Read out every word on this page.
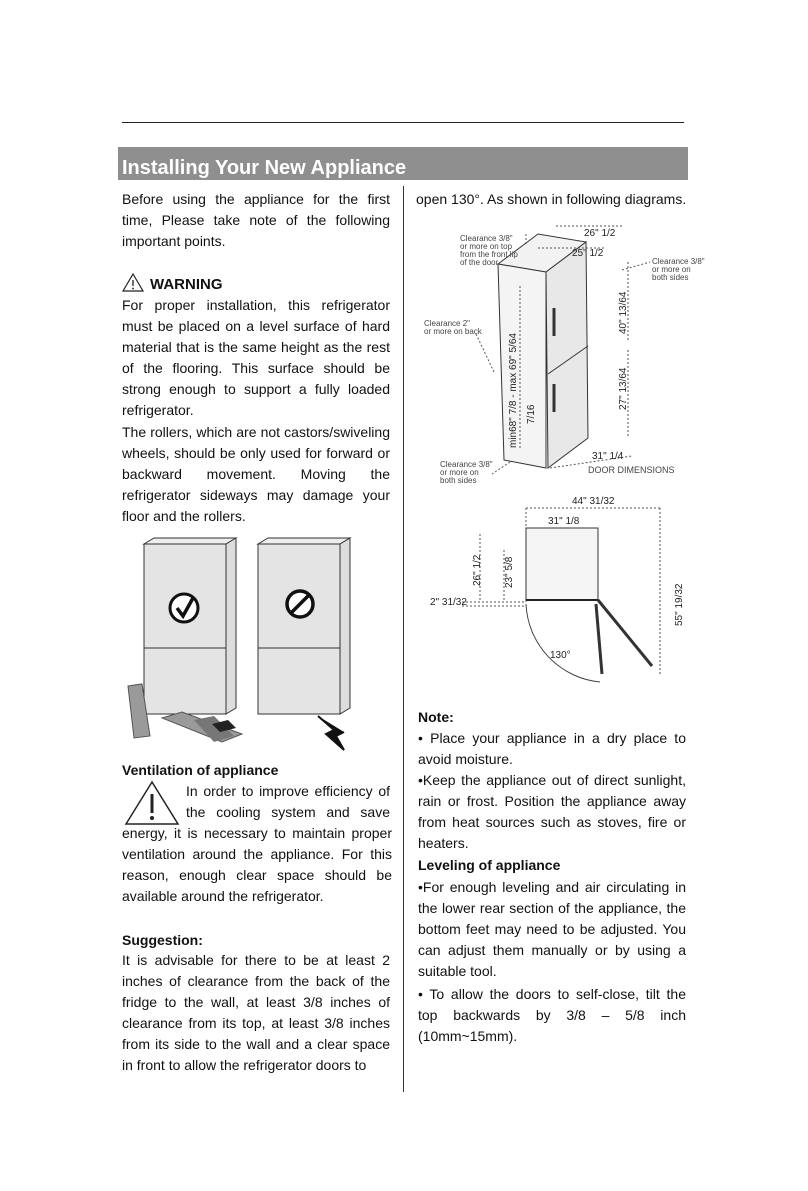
Installing Your New Appliance

Before using the appliance for the first time, Please take note of the following important points.

WARNING

For proper installation, this refrigerator must be placed on a level surface of hard material that is the same height as the rest of the flooring. This surface should be strong enough to support a fully loaded refrigerator.

The rollers, which are not castors/swiveling wheels, should be only used for forward or backward movement. Moving the refrigerator sideways may damage your floor and the rollers.

Ventilation of appliance

In order to improve efficiency of

the cooling system and save

energy, it is necessary to maintain proper ventilation around the appliance. For this reason, enough clear space should be available around the refrigerator.

Suggestion:

It is advisable for there to be at least 2 inches of clearance from the back of the fridge to the wall, at least 3/8 inches of clearance from its top, at least 3/8 inches from its side to the wall and a clear space in front to allow the refrigerator doors to

open 130°. As shown in following diagrams.

Clearance 3/8" or more on top from the front lip of the door
Clearance 2" or more on back
Clearance 3/8" or more on both sides
Clearance 3/8" or more on both sides
26" 1/2
25" 1/2
min68" 7/8 - max 69" 5/64
40" 13/64
27" 13/64
7/16
31" 1/4
DOOR DIMENSIONS
44" 31/32
31" 1/8
26" 1/2 23" 5/8
2" 31/32	55" 19/32
130°
Note:

• Place your appliance in a dry place to avoid moisture.

•Keep the appliance out of direct sunlight, rain or frost. Position the appliance away from heat sources such as stoves, fire or heaters.

Leveling of appliance

•For enough leveling and air circulating in the lower rear section of the appliance, the bottom feet may need to be adjusted. You can adjust them manually or by using a suitable tool.

• To allow the doors to self-close, tilt the top backwards by 3/8 – 5/8 inch (10mm~15mm).
